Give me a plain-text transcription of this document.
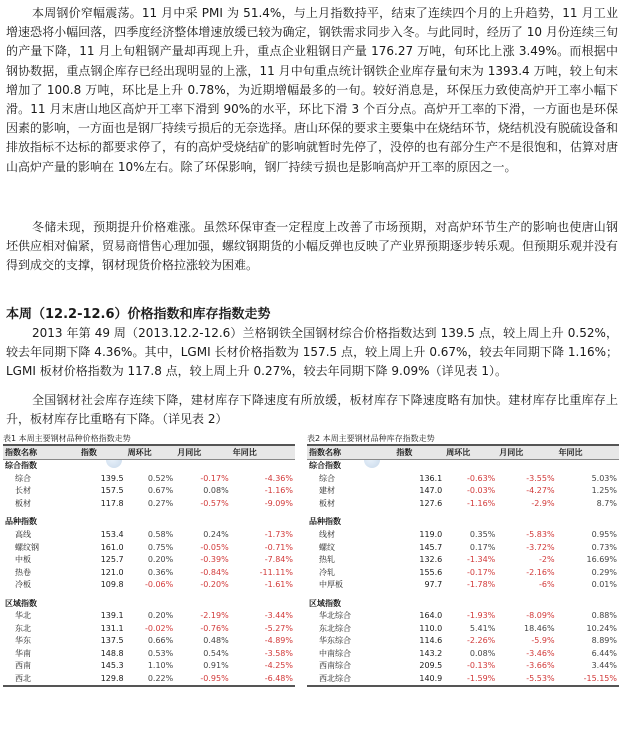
本周钢价窄幅震荡。11 月中采 PMI 为 51.4%，与上月指数持平，结束了连续四个月的上升趋势，11 月工业增速恐将小幅回落，四季度经济整体增速放缓已较为确定，钢铁需求同步入冬。与此同时，经历了 10 月份连续三旬的产量下降，11 月上旬粗钢产量却再现上升，重点企业粗钢日产量 176.27 万吨，旬环比上涨 3.49%。而根据中钢协数据，重点钢企库存已经出现明显的上涨，11 月中旬重点统计钢铁企业库存量旬末为 1393.4 万吨，较上旬末增加了 100.8 万吨，环比是上升 0.78%，为近期增幅最多的一旬。较好消息是，环保压力致使高炉开工率小幅下滑。11 月末唐山地区高炉开工率下滑到 90%的水平，环比下滑 3 个百分点。高炉开工率的下滑，一方面也是环保因素的影响，一方面也是钢厂持续亏损后的无奈选择。唐山环保的要求主要集中在烧结环节，烧结机没有脱硫设备和排放指标不达标的都要求停了，有的高炉受烧结矿的影响就暂时先停了，没停的也有部分生产不是很饱和，估算对唐山高炉产量的影响在 10%左右。除了环保影响，钢厂持续亏损也是影响高炉开工率的原因之一。

冬储未现，预期提升价格难涨。虽然环保审查一定程度上改善了市场预期，对高炉环节生产的影响也使唐山钢坯供应相对偏紧，贸易商惜售心理加强，螺纹钢期货的小幅反弹也反映了产业界预期逐步转乐观。但预期乐观并没有得到成交的支撑，钢材现货价格拉涨较为困难。

本周（12.2-12.6）价格指数和库存指数走势

2013 年第 49 周（2013.12.2-12.6）兰格钢铁全国钢材综合价格指数达到 139.5 点，较上周上升 0.52%，较去年同期下降 4.36%。其中，LGMI 长材价格指数为 157.5 点，较上周上升 0.67%，较去年同期下降 1.16%；LGMI 板材价格指数为 117.8 点，较上周上升 0.27%，较去年同期下降 9.09%（详见表 1）。

全国钢材社会库存连续下降，建材库存下降速度有所放缓，板材库存下降速度略有加快。建材库存比重库存上升，板材库存比重略有下降。（详见表 2）

表1 本周主要钢材品种价格指数走势
指数名称	指数	周环比	月同比	年同比
综合指数				
综合	139.5	0.52%	-0.17%	-4.36%
长材	157.5	0.67%	0.08%	-1.16%
板材	117.8	0.27%	-0.57%	-9.09%

品种指数				
高线	153.4	0.58%	0.24%	-1.73%
螺纹钢	161.0	0.75%	-0.05%	-0.71%
中板	125.7	0.20%	-0.39%	-7.84%
热卷	121.0	0.36%	-0.84%	-11.11%
冷板	109.8	-0.06%	-0.20%	-1.61%

区域指数				
华北	139.1	0.20%	-2.19%	-3.44%
东北	131.1	-0.02%	-0.76%	-5.27%
华东	137.5	0.66%	0.48%	-4.89%
华南	148.8	0.53%	0.54%	-3.58%
西南	145.3	1.10%	0.91%	-4.25%
西北	129.8	0.22%	-0.95%	-6.48%
表2 本周主要钢材品种库存指数走势
指数名称	指数	周环比	月同比	年同比
综合指数				
综合	136.1	-0.63%	-3.55%	5.03%
建材	147.0	-0.03%	-4.27%	1.25%
板材	127.6	-1.16%	-2.9%	8.7%

品种指数				
线材	119.0	0.35%	-5.83%	0.95%
螺纹	145.7	0.17%	-3.72%	0.73%
热轧	132.6	-1.34%	-2%	16.69%
冷轧	155.6	-0.17%	-2.16%	0.29%
中厚板	97.7	-1.78%	-6%	0.01%

区域指数				
华北综合	164.0	-1.93%	-8.09%	0.88%
东北综合	110.0	5.41%	18.46%	10.24%
华东综合	114.6	-2.26%	-5.9%	8.89%
中南综合	143.2	0.08%	-3.46%	6.44%
西南综合	209.5	-0.13%	-3.66%	3.44%
西北综合	140.9	-1.59%	-5.53%	-15.15%
